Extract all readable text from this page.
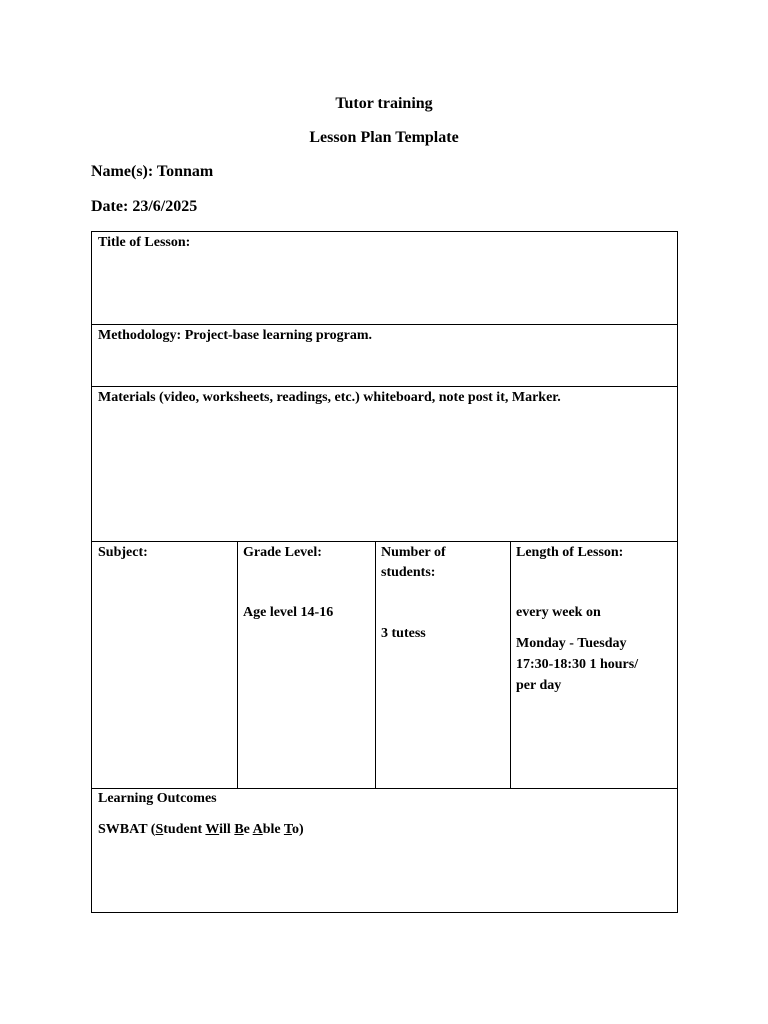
Tutor training
Lesson Plan Template
Name(s): Tonnam
Date: 23/6/2025
Title of Lesson:
Methodology: Project-base learning program.
Materials (video, worksheets, readings, etc.) whiteboard, note post it, Marker.

Subject:	Grade Level:

Age level 14-16

Number of

students:

3 tutess

Length of Lesson:

every week on

Monday - Tuesday

17:30-18:30 1 hours/

per day

Learning Outcomes
SWBAT (Student Will Be Able To)
